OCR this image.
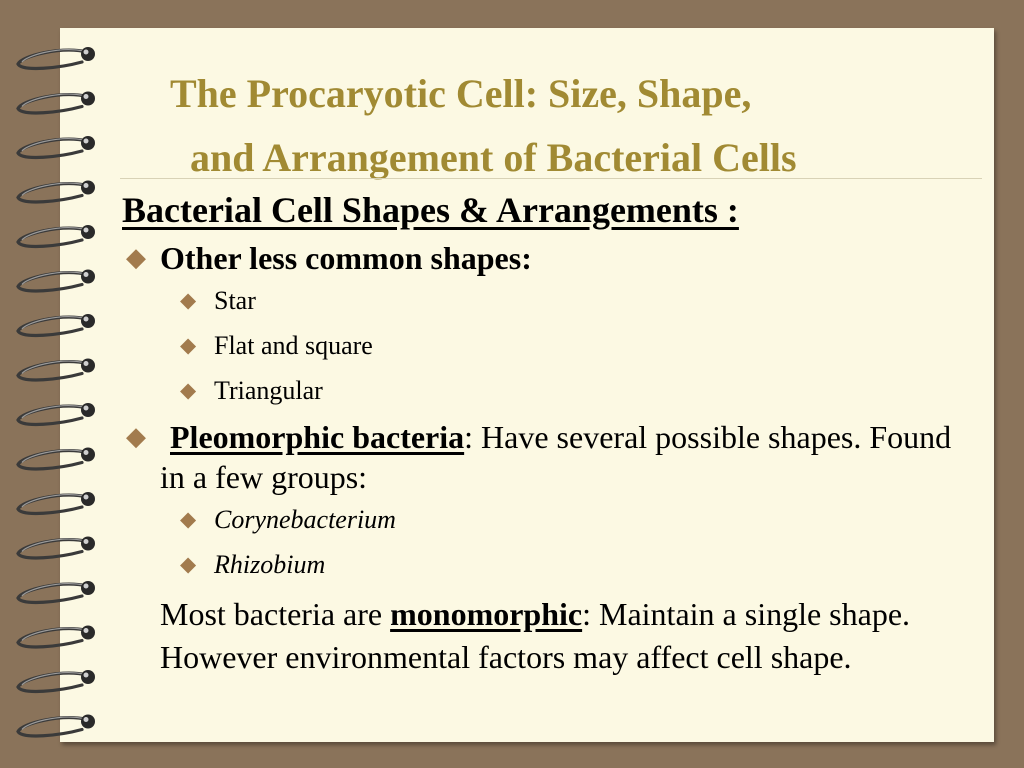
The Procaryotic Cell: Size, Shape,
and Arrangement of Bacterial Cells

Bacterial Cell Shapes & Arrangements :

◆ Other less common shapes:
◆ Star
◆ Flat and square
◆ Triangular
◆ Pleomorphic bacteria: Have several possible shapes. Found in a few groups:
◆ Corynebacterium
◆ Rhizobium
Most bacteria are monomorphic: Maintain a single shape. However environmental factors may affect cell shape.
